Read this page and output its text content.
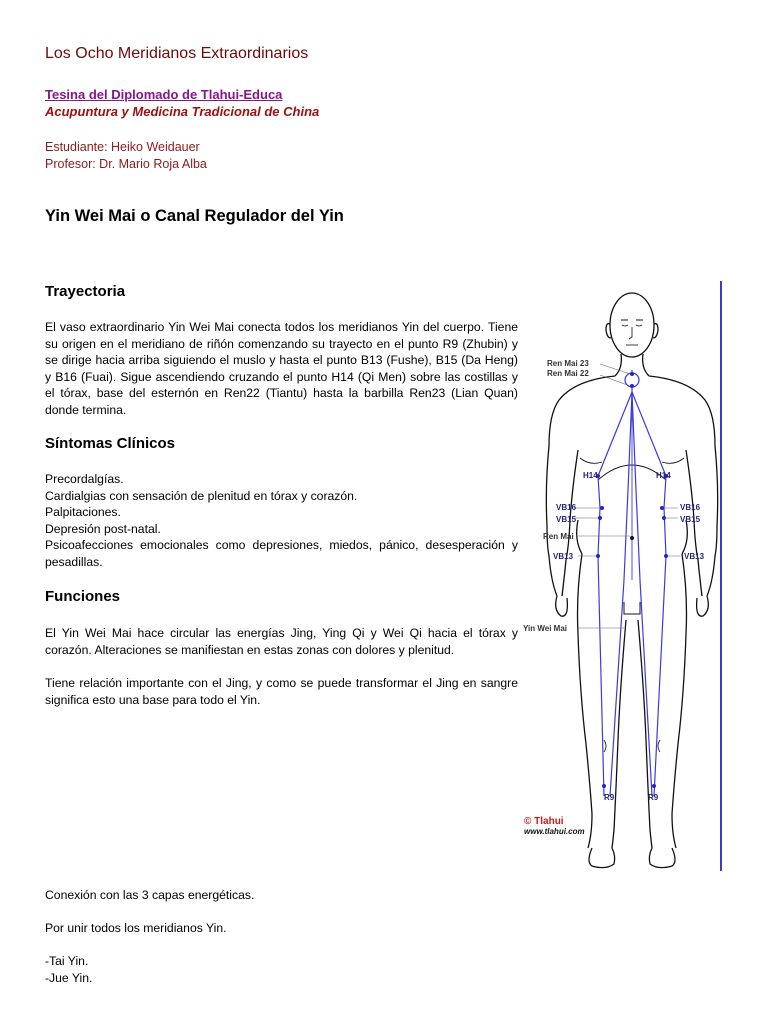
Los Ocho Meridianos Extraordinarios
Tesina del Diplomado de Tlahui-Educa
Acupuntura y Medicina Tradicional de China
Estudiante: Heiko Weidauer
Profesor: Dr. Mario Roja Alba
Yin Wei Mai o Canal Regulador del Yin
Trayectoria
El vaso extraordinario Yin Wei Mai conecta todos los meridianos Yin del cuerpo. Tiene su origen en el meridiano de riñón comenzando su trayecto en el punto R9 (Zhubin) y se dirige hacia arriba siguiendo el muslo y hasta el punto B13 (Fushe), B15 (Da Heng) y B16 (Fuai). Sigue ascendiendo cruzando el punto H14 (Qi Men) sobre las costillas y el tórax, base del esternón en Ren22 (Tiantu) hasta la barbilla Ren23 (Lian Quan) donde termina.
Síntomas Clínicos
Precordalgías.
Cardialgias con sensación de plenitud en tórax y corazón.
Palpitaciones.
Depresión post-natal.
Psicoafecciones emocionales como depresiones, miedos, pánico, desesperación y pesadillas.
Funciones
El Yin Wei Mai hace circular las energías Jing, Ying Qi y Wei Qi hacia el tórax y corazón. Alteraciones se manifiestan en estas zonas con dolores y plenitud.
Tiene relación importante con el Jing, y como se puede transformar el Jing en sangre significa esto una base para todo el Yin.
Conexión con las 3 capas energéticas.
Por unir todos los meridianos Yin.
-Tai Yin.
-Jue Yin.
Ren Mai 23
Ren Mai 22
H14	H14
VB16
VB15
VB16
VB15
Ren Mai
VB13	VB13
Yin Wei Mai
R9	R9
© Tlahui
www.tlahui.com
